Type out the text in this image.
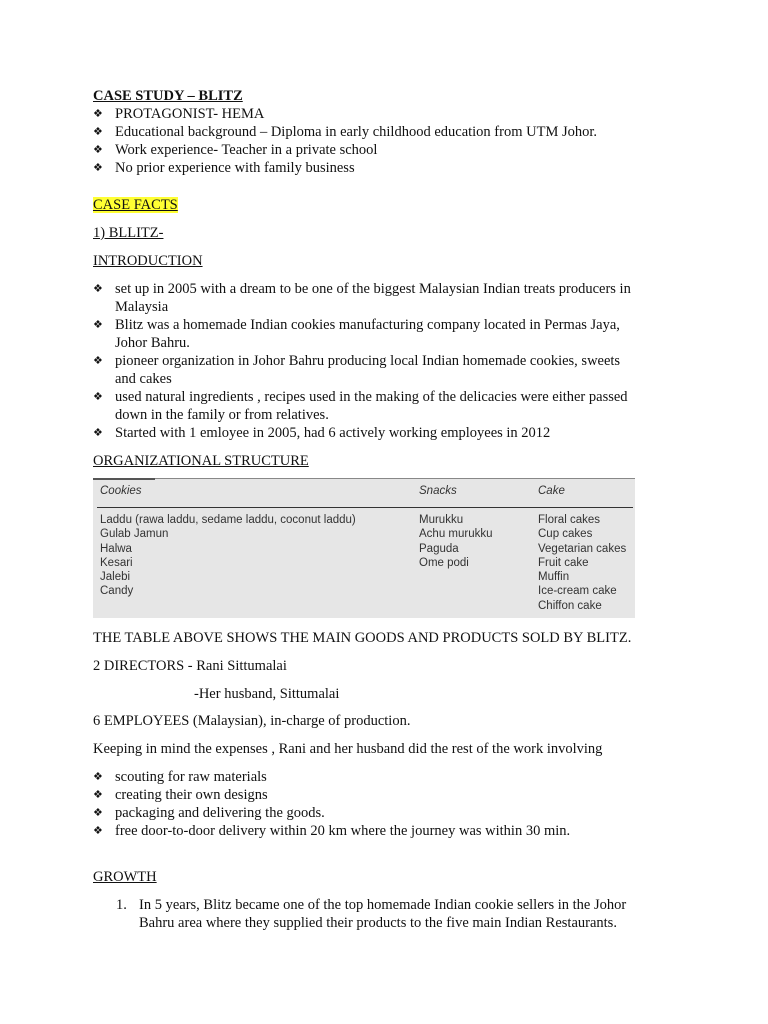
CASE STUDY – BLITZ
❖ PROTAGONIST- HEMA
❖ Educational background – Diploma in early childhood education from UTM Johor.
❖ Work experience- Teacher in a private school
❖ No prior experience with family business
CASE FACTS
1) BLLITZ-
INTRODUCTION
❖ set up in 2005 with a dream to be one of the biggest Malaysian Indian treats producers in
Malaysia
❖ Blitz was a homemade Indian cookies manufacturing company located in Permas Jaya,
Johor Bahru.
❖ pioneer organization in Johor Bahru producing local Indian homemade cookies, sweets
and cakes
❖ used natural ingredients , recipes used in the making of the delicacies were either passed
down in the family or from relatives.
❖ Started with 1 emloyee in 2005, had 6 actively working employees in 2012
ORGANIZATIONAL STRUCTURE
Cookies	Snacks	Cake
Laddu (rawa laddu, sedame laddu, coconut laddu)
Gulab Jamun
Halwa
Kesari
Jalebi
Candy
Murukku
Achu murukku
Paguda
Ome podi
Floral cakes
Cup cakes
Vegetarian cakes
Fruit cake
Muffin
Ice-cream cake
Chiffon cake
THE TABLE ABOVE SHOWS THE MAIN GOODS AND PRODUCTS SOLD BY BLITZ.
2 DIRECTORS - Rani Sittumalai
-Her husband, Sittumalai
6 EMPLOYEES (Malaysian), in-charge of production.
Keeping in mind the expenses , Rani and her husband did the rest of the work involving
❖ scouting for raw materials
❖ creating their own designs
❖ packaging and delivering the goods.
❖ free door-to-door delivery within 20 km where the journey was within 30 min.
GROWTH
1. In 5 years, Blitz became one of the top homemade Indian cookie sellers in the Johor
Bahru area where they supplied their products to the five main Indian Restaurants.
